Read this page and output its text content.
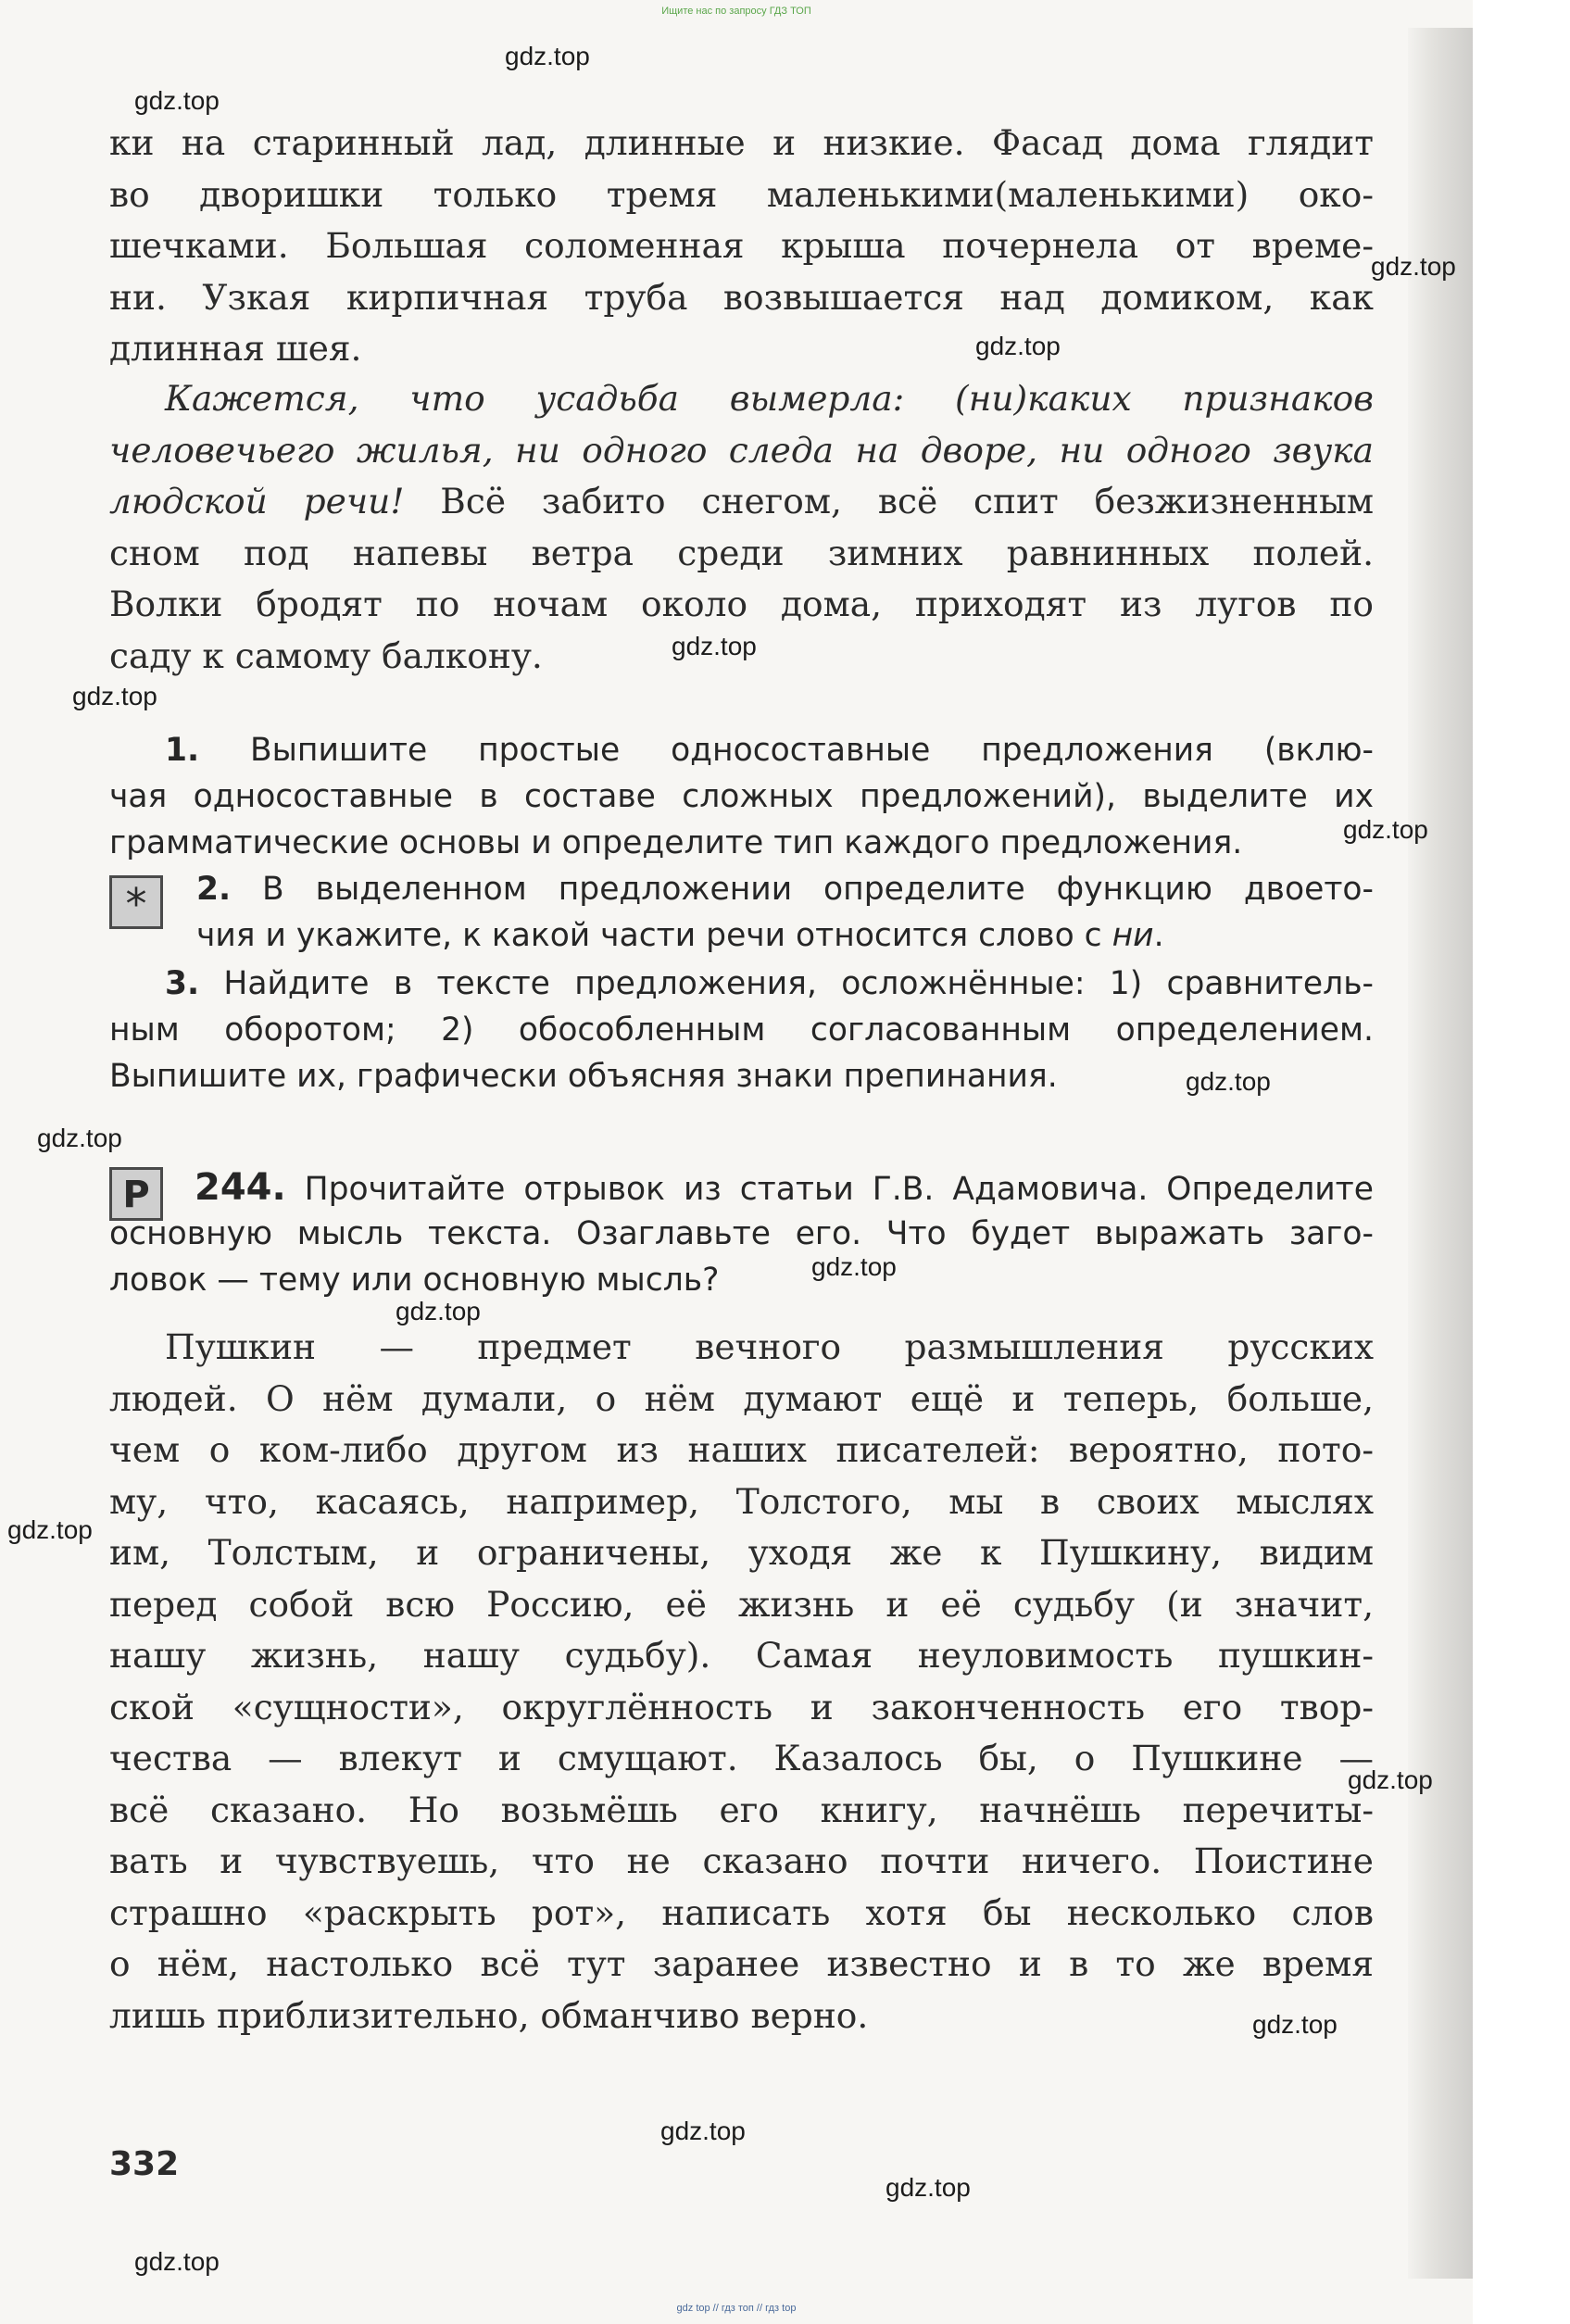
Ищите нас по запросу ГДЗ ТОП
gdz.top
gdz.top
gdz.top
gdz.top
gdz.top
gdz.top
gdz.top
gdz.top
gdz.top
gdz.top
gdz.top
gdz.top
gdz.top
gdz.top
gdz.top
gdz.top
gdz.top
ки на старинный лад, длинные и низкие. Фасад дома глядит
во двоpишки только тремя маленькими(маленькими) око-
шечками. Большая соломенная крыша почернела от време-
ни. Узкая кирпичная труба возвышается над домиком, как
длинная шея.
Кажется, что усадьба вымерла: (ни)каких признаков
человечьего жилья, ни одного следа на дворе, ни одного звука
людской речи! Всё забито снегом, всё спит безжизненным
сном под напевы ветра среди зимних равнинных полей.
Волки бродят по ночам около дома, приходят из лугов по
саду к самому балкону.
1. Выпишите простые односоставные предложения (вклю-
чая односоставные в составе сложных предложений), выделите их
грамматические основы и определите тип каждого предложения.
*	2. В выделенном предложении определите функцию двоето-
чия и укажите, к какой части речи относится слово с ни.
3. Найдите в тексте предложения, осложнённые: 1) сравнитель-
ным оборотом; 2) обособленным согласованным определением.
Выпишите их, графически объясняя знаки препинания.
Р	244. Прочитайте отрывок из статьи Г.В. Адамовича. Определите
основную мысль текста. Озаглавьте его. Что будет выражать заго-
ловок — тему или основную мысль?
Пушкин — предмет вечного размышления русских
людей. О нём думали, о нём думают ещё и теперь, больше,
чем о ком-либо другом из наших писателей: вероятно, пото-
му, что, касаясь, например, Толстого, мы в своих мыслях
им, Толстым, и ограничены, уходя же к Пушкину, видим
перед собой всю Россию, её жизнь и её судьбу (и значит,
нашу жизнь, нашу судьбу). Самая неуловимость пушкин-
ской «сущности», округлённость и законченность его твор-
чества — влекут и смущают. Казалось бы, о Пушкине —
всё сказано. Но возьмёшь его книгу, начнёшь перечиты-
вать и чувствуешь, что не сказано почти ничего. Поистине
страшно «раскрыть рот», написать хотя бы несколько слов
о нём, настолько всё тут заранее известно и в то же время
лишь приблизительно, обманчиво верно.
332
gdz top // гдз топ // гдз top
